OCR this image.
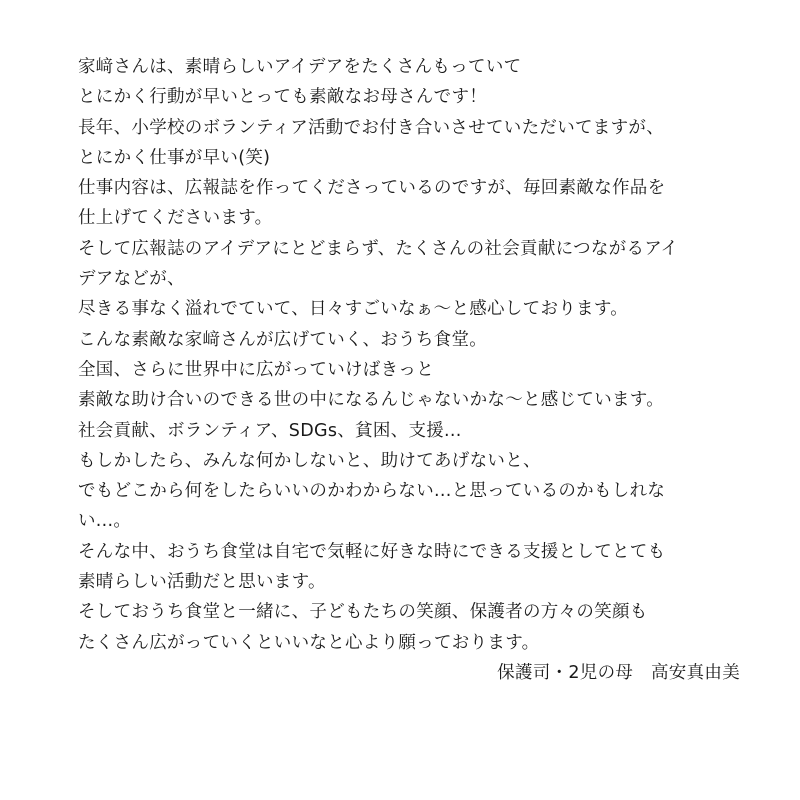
家﨑さんは、素晴らしいアイデアをたくさんもっていて
とにかく行動が早いとっても素敵なお母さんです！
長年、小学校のボランティア活動でお付き合いさせていただいてますが、
とにかく仕事が早い(笑)
仕事内容は、広報誌を作ってくださっているのですが、毎回素敵な作品を
仕上げてくださいます。
そして広報誌のアイデアにとどまらず、たくさんの社会貢献につながるアイ
デアなどが、
尽きる事なく溢れでていて、日々すごいなぁ～と感心しております。
こんな素敵な家﨑さんが広げていく、おうち食堂。
全国、さらに世界中に広がっていけばきっと
素敵な助け合いのできる世の中になるんじゃないかな～と感じています。
社会貢献、ボランティア、SDGs、貧困、支援...
もしかしたら、みんな何かしないと、助けてあげないと、
でもどこから何をしたらいいのかわからない...と思っているのかもしれな
い...。
そんな中、おうち食堂は自宅で気軽に好きな時にできる支援としてとても
素晴らしい活動だと思います。
そしておうち食堂と一緒に、子どもたちの笑顔、保護者の方々の笑顔も
たくさん広がっていくといいなと心より願っております。
保護司・2児の母　高安真由美
